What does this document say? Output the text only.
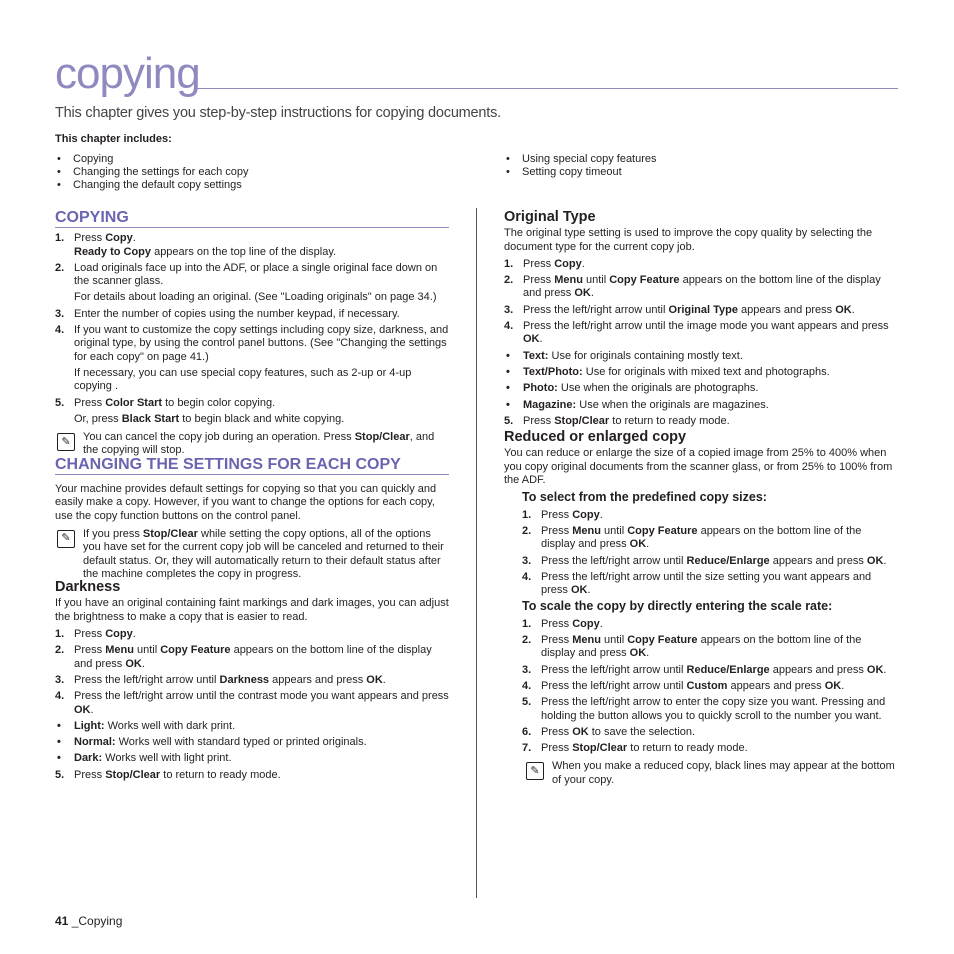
copying
This chapter gives you step-by-step instructions for copying documents.
This chapter includes:
• Copying
• Changing the settings for each copy
• Changing the default copy settings
• Using special copy features
• Setting copy timeout
COPYING
1. Press Copy.
Ready to Copy appears on the top line of the display.
2. Load originals face up into the ADF, or place a single original face down on the scanner glass.
For details about loading an original. (See "Loading originals" on page 34.)
3. Enter the number of copies using the number keypad, if necessary.
4. If you want to customize the copy settings including copy size, darkness, and original type, by using the control panel buttons. (See "Changing the settings for each copy" on page 41.)
If necessary, you can use special copy features, such as 2-up or 4-up copying .
5. Press Color Start to begin color copying.
Or, press Black Start to begin black and white copying.
✎	You can cancel the copy job during an operation. Press Stop/Clear, and the copying will stop.
CHANGING THE SETTINGS FOR EACH COPY

Your machine provides default settings for copying so that you can quickly and easily make a copy. However, if you want to change the options for each copy, use the copy function buttons on the control panel.

✎	If you press Stop/Clear while setting the copy options, all of the options you have set for the current copy job will be canceled and returned to their default status. Or, they will automatically return to their default status after the machine completes the copy in progress.
Darkness

If you have an original containing faint markings and dark images, you can adjust the brightness to make a copy that is easier to read.

1. Press Copy.
2. Press Menu until Copy Feature appears on the bottom line of the display and press OK.
3. Press the left/right arrow until Darkness appears and press OK.
4. Press the left/right arrow until the contrast mode you want appears and press OK.
• Light: Works well with dark print.
• Normal: Works well with standard typed or printed originals.
• Dark: Works well with light print.
5. Press Stop/Clear to return to ready mode.
Original Type

The original type setting is used to improve the copy quality by selecting the document type for the current copy job.

1. Press Copy.
2. Press Menu until Copy Feature appears on the bottom line of the display and press OK.
3. Press the left/right arrow until Original Type appears and press OK.
4. Press the left/right arrow until the image mode you want appears and press OK.
• Text: Use for originals containing mostly text.
• Text/Photo: Use for originals with mixed text and photographs.
• Photo: Use when the originals are photographs.
• Magazine: Use when the originals are magazines.
5. Press Stop/Clear to return to ready mode.
Reduced or enlarged copy

You can reduce or enlarge the size of a copied image from 25% to 400% when you copy original documents from the scanner glass, or from 25% to 100% from the ADF.

To select from the predefined copy sizes:
1. Press Copy.
2. Press Menu until Copy Feature appears on the bottom line of the display and press OK.
3. Press the left/right arrow until Reduce/Enlarge appears and press OK.
4. Press the left/right arrow until the size setting you want appears and press OK.
To scale the copy by directly entering the scale rate:
1. Press Copy.
2. Press Menu until Copy Feature appears on the bottom line of the display and press OK.
3. Press the left/right arrow until Reduce/Enlarge appears and press OK.
4. Press the left/right arrow until Custom appears and press OK.
5. Press the left/right arrow to enter the copy size you want. Pressing and holding the button allows you to quickly scroll to the number you want.
6. Press OK to save the selection.
7. Press Stop/Clear to return to ready mode.
✎	When you make a reduced copy, black lines may appear at the bottom of your copy.
41 _Copying
